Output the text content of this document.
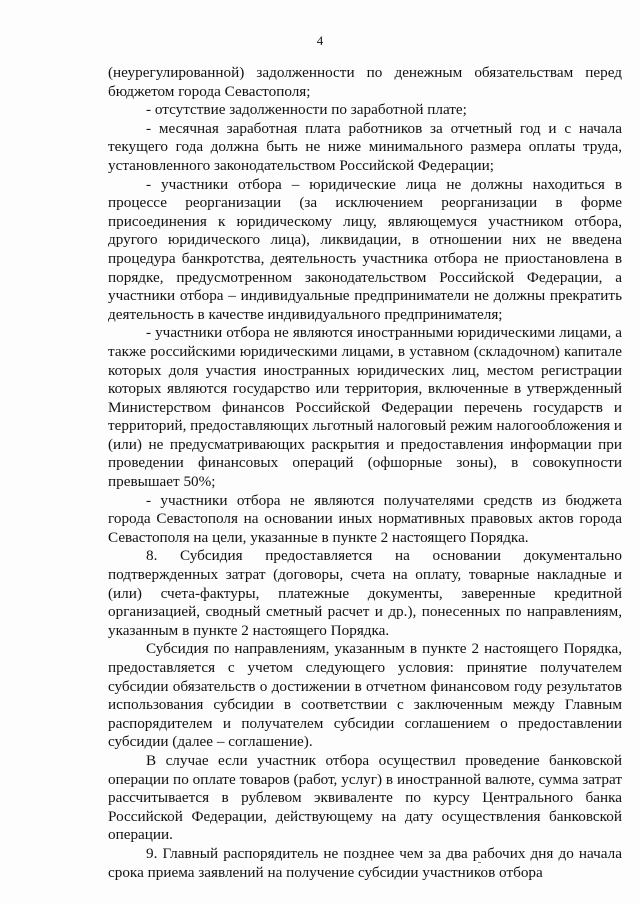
4

(неурегулированной) задолженности по денежным обязательствам перед бюджетом города Севастополя;

- отсутствие задолженности по заработной плате;

- месячная заработная плата работников за отчетный год и с начала текущего года должна быть не ниже минимального размера оплаты труда, установленного законодательством Российской Федерации;

- участники отбора – юридические лица не должны находиться в процессе реорганизации (за исключением реорганизации в форме присоединения к юридическому лицу, являющемуся участником отбора, другого юридического лица), ликвидации, в отношении них не введена процедура банкротства, деятельность участника отбора не приостановлена в порядке, предусмотренном законодательством Российской Федерации, а участники отбора – индивидуальные предприниматели не должны прекратить деятельность в качестве индивидуального предпринимателя;

- участники отбора не являются иностранными юридическими лицами, а также российскими юридическими лицами, в уставном (складочном) капитале которых доля участия иностранных юридических лиц, местом регистрации которых являются государство или территория, включенные в утвержденный Министерством финансов Российской Федерации перечень государств и территорий, предоставляющих льготный налоговый режим налогообложения и (или) не предусматривающих раскрытия и предоставления информации при проведении финансовых операций (офшорные зоны), в совокупности превышает 50%;

- участники отбора не являются получателями средств из бюджета города Севастополя на основании иных нормативных правовых актов города Севастополя на цели, указанные в пункте 2 настоящего Порядка.

8. Субсидия предоставляется на основании документально подтвержденных затрат (договоры, счета на оплату, товарные накладные и (или) счета-фактуры, платежные документы, заверенные кредитной организацией, сводный сметный расчет и др.), понесенных по направлениям, указанным в пункте 2 настоящего Порядка.

Субсидия по направлениям, указанным в пункте 2 настоящего Порядка, предоставляется с учетом следующего условия: принятие получателем субсидии обязательств о достижении в отчетном финансовом году результатов использования субсидии в соответствии с заключенным между Главным распорядителем и получателем субсидии соглашением о предоставлении субсидии (далее – соглашение).

В случае если участник отбора осуществил проведение банковской операции по оплате товаров (работ, услуг) в иностранной валюте, сумма затрат рассчитывается в рублевом эквиваленте по курсу Центрального банка Российской Федерации, действующему на дату осуществления банковской операции.

9. Главный распорядитель не позднее чем за два рабочих дня до начала срока приема заявлений на получение субсидии участников отбора
